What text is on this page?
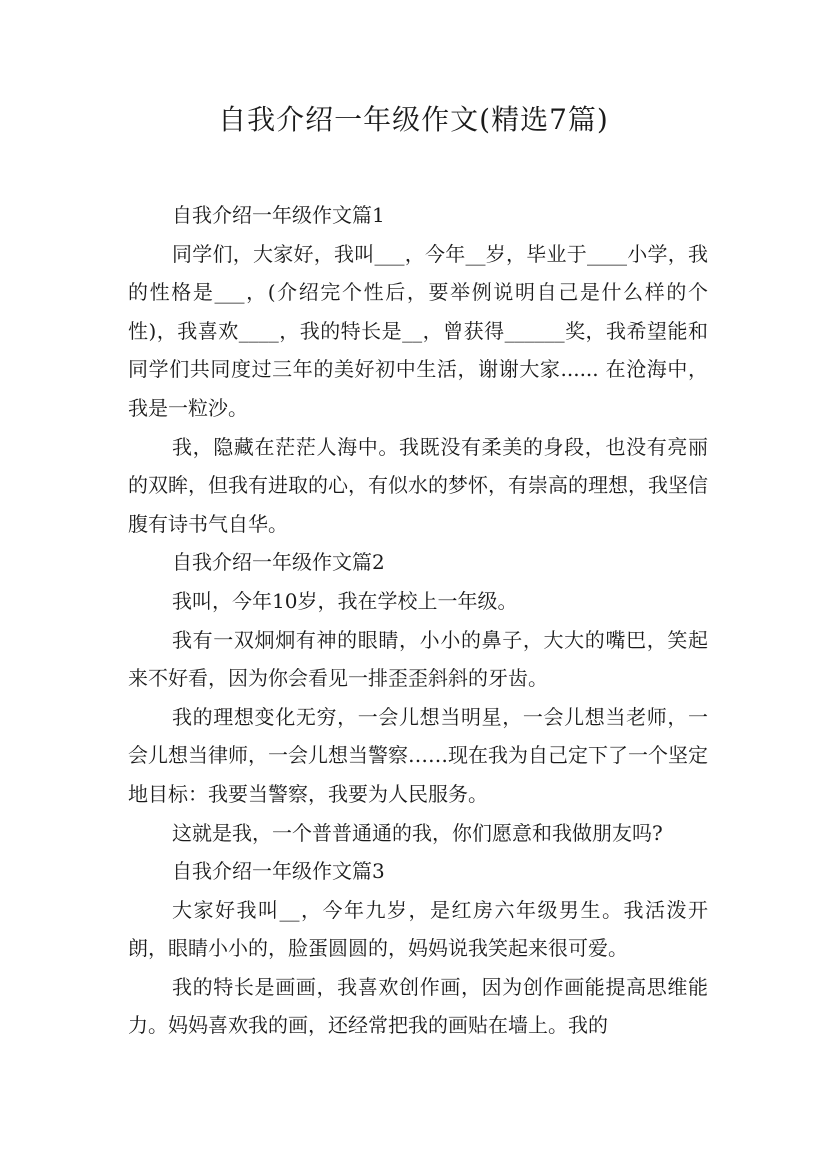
自我介绍一年级作文(精选7篇)

自我介绍一年级作文篇1

同学们，大家好，我叫___，今年__岁，毕业于____小学，我的性格是___，(介绍完个性后，要举例说明自己是什么样的个性)，我喜欢____，我的特长是__，曾获得______奖，我希望能和同学们共同度过三年的美好初中生活，谢谢大家...... 在沧海中，我是一粒沙。

我，隐藏在茫茫人海中。我既没有柔美的身段，也没有亮丽的双眸，但我有进取的心，有似水的梦怀，有崇高的理想，我坚信腹有诗书气自华。

自我介绍一年级作文篇2

我叫，今年10岁，我在学校上一年级。

我有一双炯炯有神的眼睛，小小的鼻子，大大的嘴巴，笑起来不好看，因为你会看见一排歪歪斜斜的牙齿。

我的理想变化无穷，一会儿想当明星，一会儿想当老师，一会儿想当律师，一会儿想当警察……现在我为自己定下了一个坚定地目标：我要当警察，我要为人民服务。

这就是我，一个普普通通的我，你们愿意和我做朋友吗?

自我介绍一年级作文篇3

大家好我叫__，今年九岁，是红房六年级男生。我活泼开朗，眼睛小小的，脸蛋圆圆的，妈妈说我笑起来很可爱。

我的特长是画画，我喜欢创作画，因为创作画能提高思维能力。妈妈喜欢我的画，还经常把我的画贴在墙上。我的
